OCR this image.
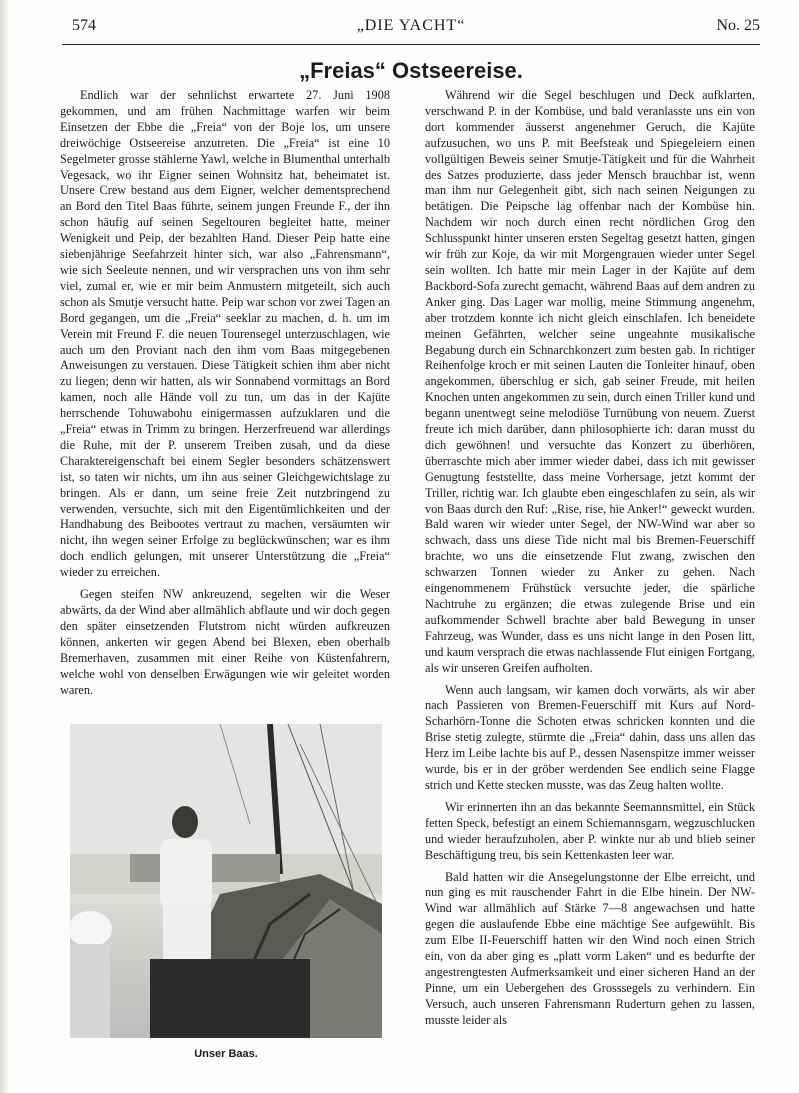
574	„DIE YACHT“	No. 25
„Freias“ Ostseereise.

Endlich war der sehnlichst erwartete 27. Juni 1908 gekommen, und am frühen Nachmittage warfen wir beim Einsetzen der Ebbe die „Freia“ von der Boje los, um unsere dreiwöchige Ostseereise anzutreten. Die „Freia“ ist eine 10 Segelmeter grosse stählerne Yawl, welche in Blumenthal unterhalb Vegesack, wo ihr Eigner seinen Wohnsitz hat, beheimatet ist. Unsere Crew bestand aus dem Eigner, welcher dementsprechend an Bord den Titel Baas führte, seinem jungen Freunde F., der ihn schon häufig auf seinen Segeltouren begleitet hatte, meiner Wenigkeit und Peip, der bezahlten Hand. Dieser Peip hatte eine siebenjährige Seefahrzeit hinter sich, war also „Fahrensmann“, wie sich Seeleute nennen, und wir versprachen uns von ihm sehr viel, zumal er, wie er mir beim Anmustern mitgeteilt, sich auch schon als Smutje versucht hatte. Peip war schon vor zwei Tagen an Bord gegangen, um die „Freia“ seeklar zu machen, d. h. um im Verein mit Freund F. die neuen Tourensegel unterzuschlagen, wie auch um den Proviant nach den ihm vom Baas mitgegebenen Anweisungen zu verstauen. Diese Tätigkeit schien ihm aber nicht zu liegen; denn wir hatten, als wir Sonnabend vormittags an Bord kamen, noch alle Hände voll zu tun, um das in der Kajüte herrschende Tohuwabohu einigermassen aufzuklaren und die „Freia“ etwas in Trimm zu bringen. Herzerfreuend war allerdings die Ruhe, mit der P. unserem Treiben zusah, und da diese Charaktereigenschaft bei einem Segler besonders schätzenswert ist, so taten wir nichts, um ihn aus seiner Gleichgewichtslage zu bringen. Als er dann, um seine freie Zeit nutzbringend zu verwenden, versuchte, sich mit den Eigentümlichkeiten und der Handhabung des Beibootes vertraut zu machen, versäumten wir nicht, ihn wegen seiner Erfolge zu beglückwünschen; war es ihm doch endlich gelungen, mit unserer Unterstützung die „Freia“ wieder zu erreichen.

Gegen steifen NW ankreuzend, segelten wir die Weser abwärts, da der Wind aber allmählich abflaute und wir doch gegen den später einsetzenden Flutstrom nicht würden aufkreuzen können, ankerten wir gegen Abend bei Blexen, eben oberhalb Bremerhaven, zusammen mit einer Reihe von Küstenfahrern, welche wohl von denselben Erwägungen wie wir geleitet worden waren.

Unser Baas.

Während wir die Segel beschlugen und Deck aufklarten, verschwand P. in der Kombüse, und bald veranlasste uns ein von dort kommender äusserst angenehmer Geruch, die Kajüte aufzusuchen, wo uns P. mit Beefsteak und Spiegeleiern einen vollgültigen Beweis seiner Smutje-Tätigkeit und für die Wahrheit des Satzes produzierte, dass jeder Mensch brauchbar ist, wenn man ihm nur Gelegenheit gibt, sich nach seinen Neigungen zu betätigen. Die Peipsche lag offenbar nach der Kombüse hin. Nachdem wir noch durch einen recht nördlichen Grog den Schlusspunkt hinter unseren ersten Segeltag gesetzt hatten, gingen wir früh zur Koje, da wir mit Morgengrauen wieder unter Segel sein wollten. Ich hatte mir mein Lager in der Kajüte auf dem Backbord-Sofa zurecht gemacht, während Baas auf dem andren zu Anker ging. Das Lager war mollig, meine Stimmung angenehm, aber trotzdem konnte ich nicht gleich einschlafen. Ich beneidete meinen Gefährten, welcher seine ungeahnte musikalische Begabung durch ein Schnarchkonzert zum besten gab. In richtiger Reihenfolge kroch er mit seinen Lauten die Tonleiter hinauf, oben angekommen, überschlug er sich, gab seiner Freude, mit heilen Knochen unten angekommen zu sein, durch einen Triller kund und begann unentwegt seine melodiöse Turnübung von neuem. Zuerst freute ich mich darüber, dann philosophierte ich: daran musst du dich gewöhnen! und versuchte das Konzert zu überhören, überraschte mich aber immer wieder dabei, dass ich mit gewisser Genugtung feststellte, dass meine Vorhersage, jetzt kommt der Triller, richtig war. Ich glaubte eben eingeschlafen zu sein, als wir von Baas durch den Ruf: „Rise, rise, hie Anker!“ geweckt wurden. Bald waren wir wieder unter Segel, der NW-Wind war aber so schwach, dass uns diese Tide nicht mal bis Bremen-Feuerschiff brachte, wo uns die einsetzende Flut zwang, zwischen den schwarzen Tonnen wieder zu Anker zu gehen. Nach eingenommenem Frühstück versuchte jeder, die spärliche Nachtruhe zu ergänzen; die etwas zulegende Brise und ein aufkommender Schwell brachte aber bald Bewegung in unser Fahrzeug, was Wunder, dass es uns nicht lange in den Posen litt, und kaum versprach die etwas nachlassende Flut einigen Fortgang, als wir unseren Greifen aufholten.

Wenn auch langsam, wir kamen doch vorwärts, als wir aber nach Passieren von Bremen-Feuerschiff mit Kurs auf Nord-Scharhörn-Tonne die Schoten etwas schricken konnten und die Brise stetig zulegte, stürmte die „Freia“ dahin, dass uns allen das Herz im Leibe lachte bis auf P., dessen Nasenspitze immer weisser wurde, bis er in der gröber werdenden See endlich seine Flagge strich und Kette stecken musste, was das Zeug halten wollte.

Wir erinnerten ihn an das bekannte Seemannsmittel, ein Stück fetten Speck, befestigt an einem Schiemannsgarn, wegzuschlucken und wieder heraufzuholen, aber P. winkte nur ab und blieb seiner Beschäftigung treu, bis sein Kettenkasten leer war.

Bald hatten wir die Ansegelungstonne der Elbe erreicht, und nun ging es mit rauschender Fahrt in die Elbe hinein. Der NW-Wind war allmählich auf Stärke 7—8 angewachsen und hatte gegen die auslaufende Ebbe eine mächtige See aufgewühlt. Bis zum Elbe II-Feuerschiff hatten wir den Wind noch einen Strich ein, von da aber ging es „platt vorm Laken“ und es bedurfte der angestrengtesten Aufmerksamkeit und einer sicheren Hand an der Pinne, um ein Uebergehen des Grosssegels zu verhindern. Ein Versuch, auch unseren Fahrensmann Ruderturn gehen zu lassen, musste leider als
